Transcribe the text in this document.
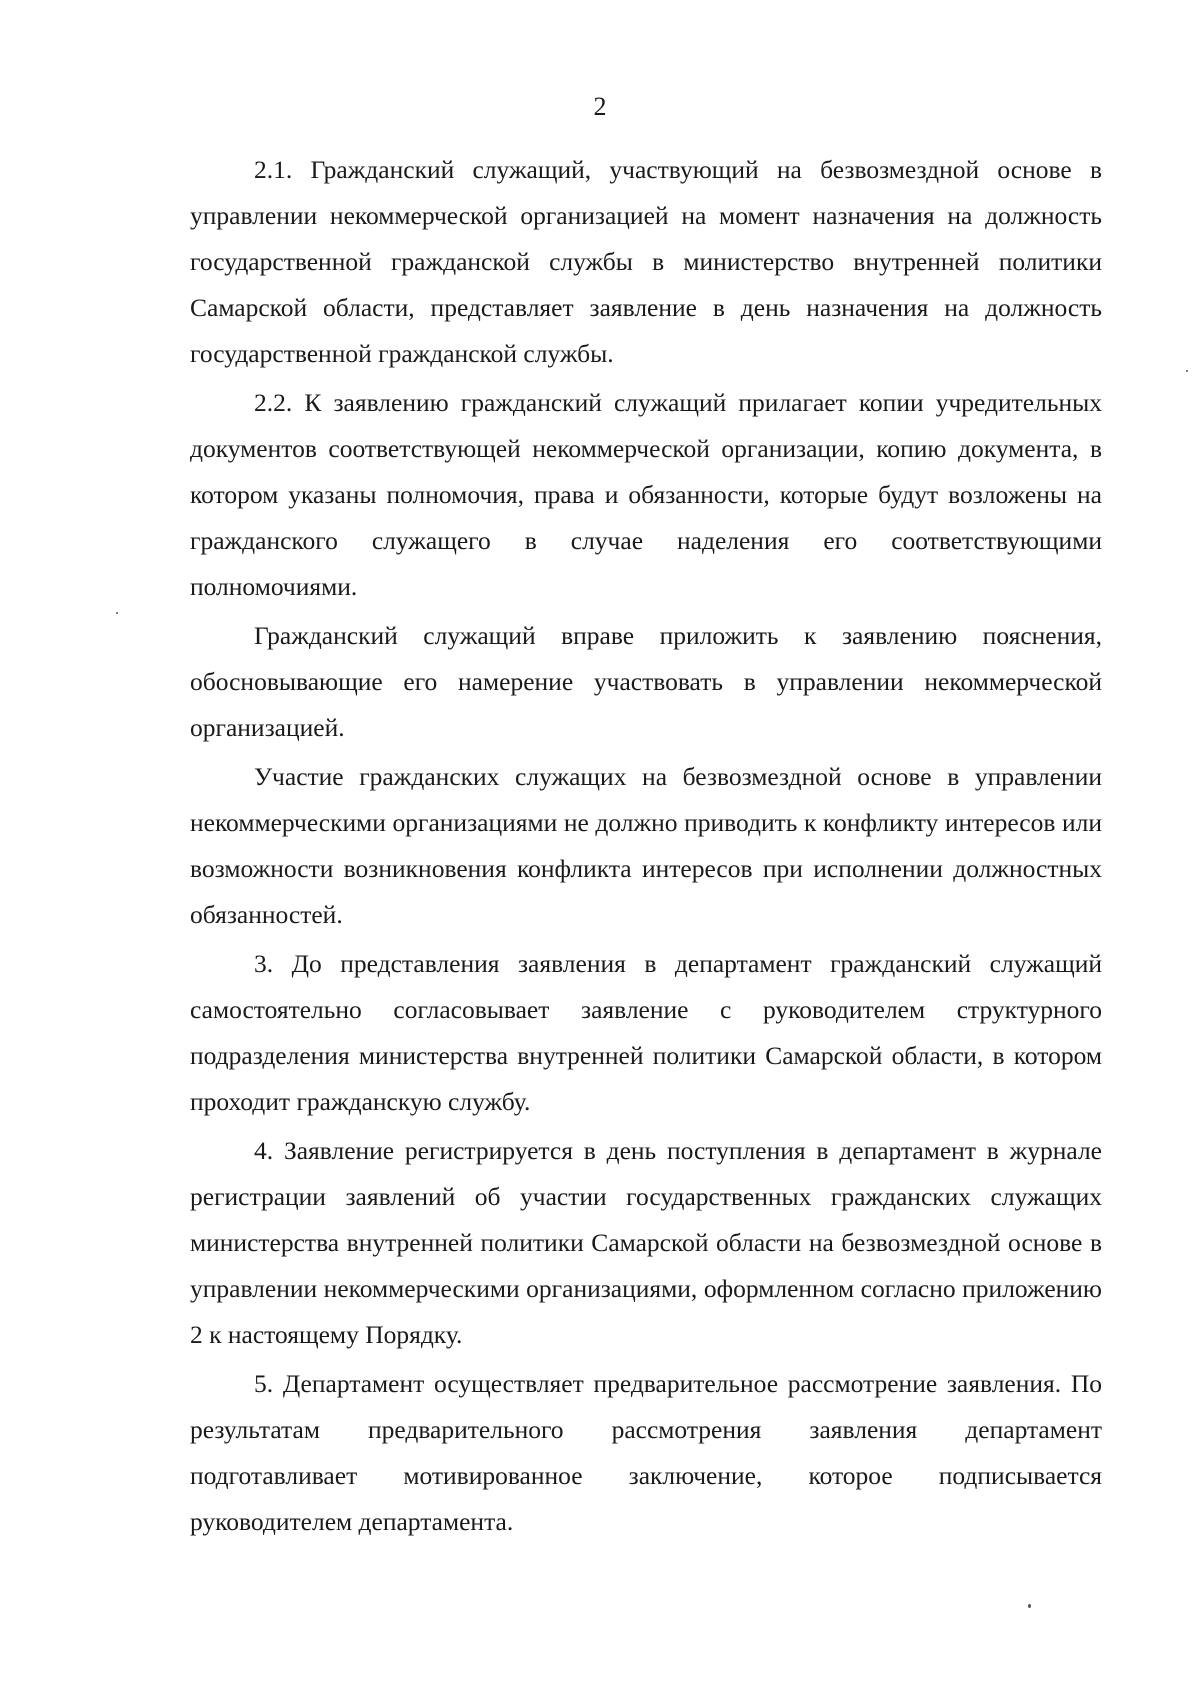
2

2.1. Гражданский служащий, участвующий на безвозмездной основе в управлении некоммерческой организацией на момент назначения на должность государственной гражданской службы в министерство внутренней политики Самарской области, представляет заявление в день назначения на должность государственной гражданской службы.

2.2. К заявлению гражданский служащий прилагает копии учредительных документов соответствующей некоммерческой организации, копию документа, в котором указаны полномочия, права и обязанности, которые будут возложены на гражданского служащего в случае наделения его соответствующими полномочиями.

Гражданский служащий вправе приложить к заявлению пояснения, обосновывающие его намерение участвовать в управлении некоммерческой организацией.

Участие гражданских служащих на безвозмездной основе в управлении некоммерческими организациями не должно приводить к конфликту интересов или возможности возникновения конфликта интересов при исполнении должностных обязанностей.

3. До представления заявления в департамент гражданский служащий самостоятельно согласовывает заявление с руководителем структурного подразделения министерства внутренней политики Самарской области, в котором проходит гражданскую службу.

4. Заявление регистрируется в день поступления в департамент в журнале регистрации заявлений об участии государственных гражданских служащих министерства внутренней политики Самарской области на безвозмездной основе в управлении некоммерческими организациями, оформленном согласно приложению 2 к настоящему Порядку.

5. Департамент осуществляет предварительное рассмотрение заявления. По результатам предварительного рассмотрения заявления департамент подготавливает мотивированное заключение, которое подписывается руководителем департамента.
